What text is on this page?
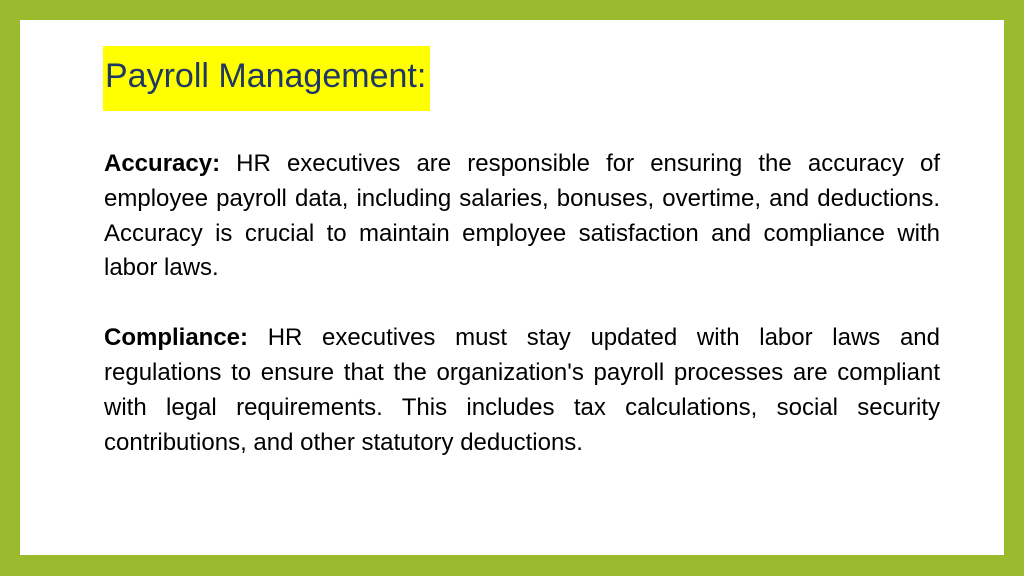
Payroll Management:

Accuracy: HR executives are responsible for ensuring the accuracy of employee payroll data, including salaries, bonuses, overtime, and deductions. Accuracy is crucial to maintain employee satisfaction and compliance with labor laws.

Compliance: HR executives must stay updated with labor laws and regulations to ensure that the organization's payroll processes are compliant with legal requirements. This includes tax calculations, social security contributions, and other statutory deductions.
